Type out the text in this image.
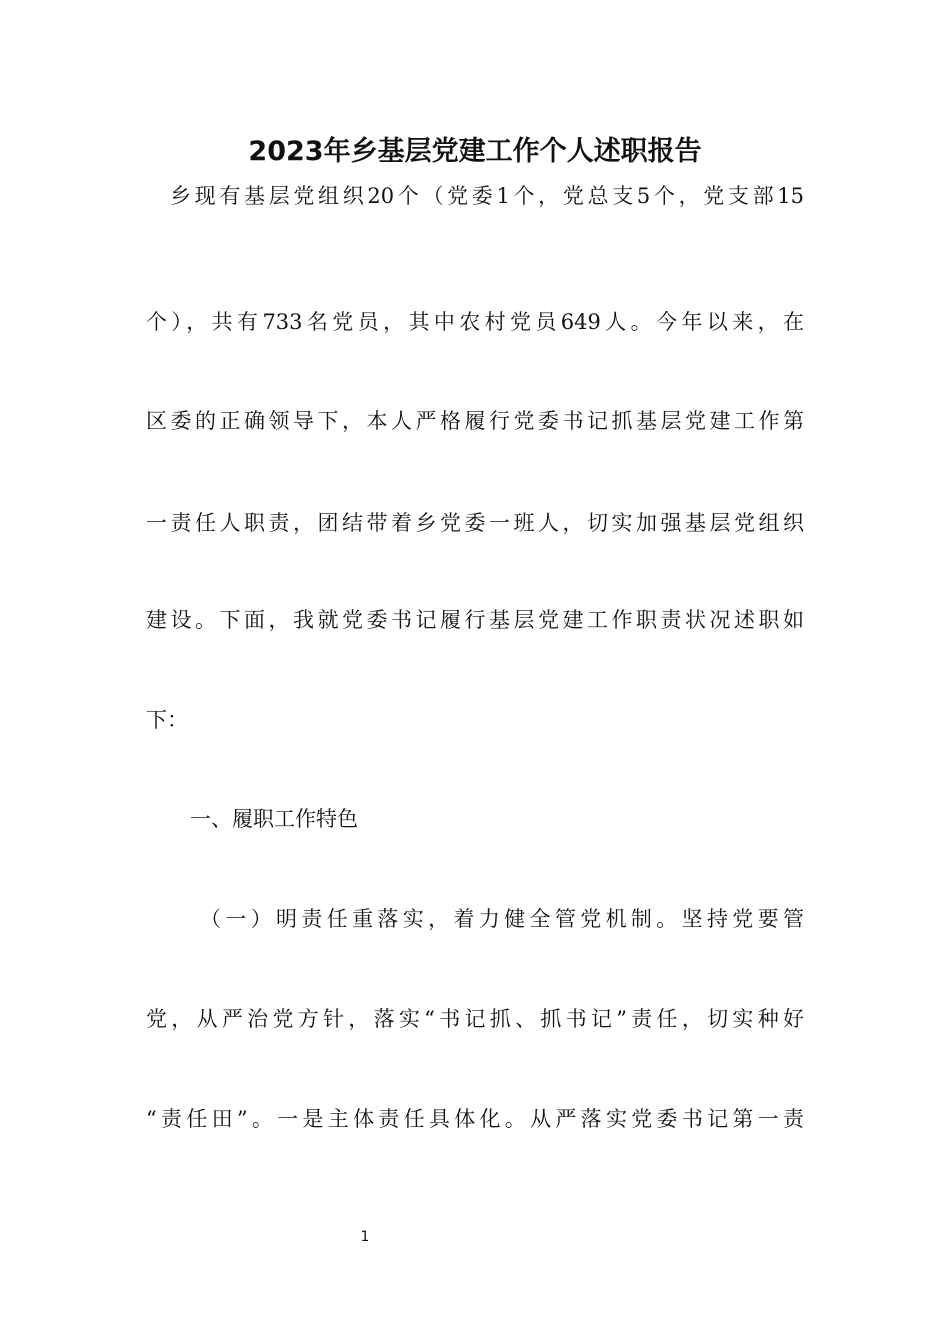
2023年乡基层党建工作个人述职报告

乡现有基层党组织20个（党委1个，党总支5个，党支部15

个），共有733名党员，其中农村党员649人。今年以来，在

区委的正确领导下，本人严格履行党委书记抓基层党建工作第

一责任人职责，团结带着乡党委一班人，切实加强基层党组织

建设。下面，我就党委书记履行基层党建工作职责状况述职如

下：

一、履职工作特色

（一）明责任重落实，着力健全管党机制。坚持党要管

党，从严治党方针，落实“书记抓、抓书记”责任，切实种好

“责任田”。一是主体责任具体化。从严落实党委书记第一责

1
